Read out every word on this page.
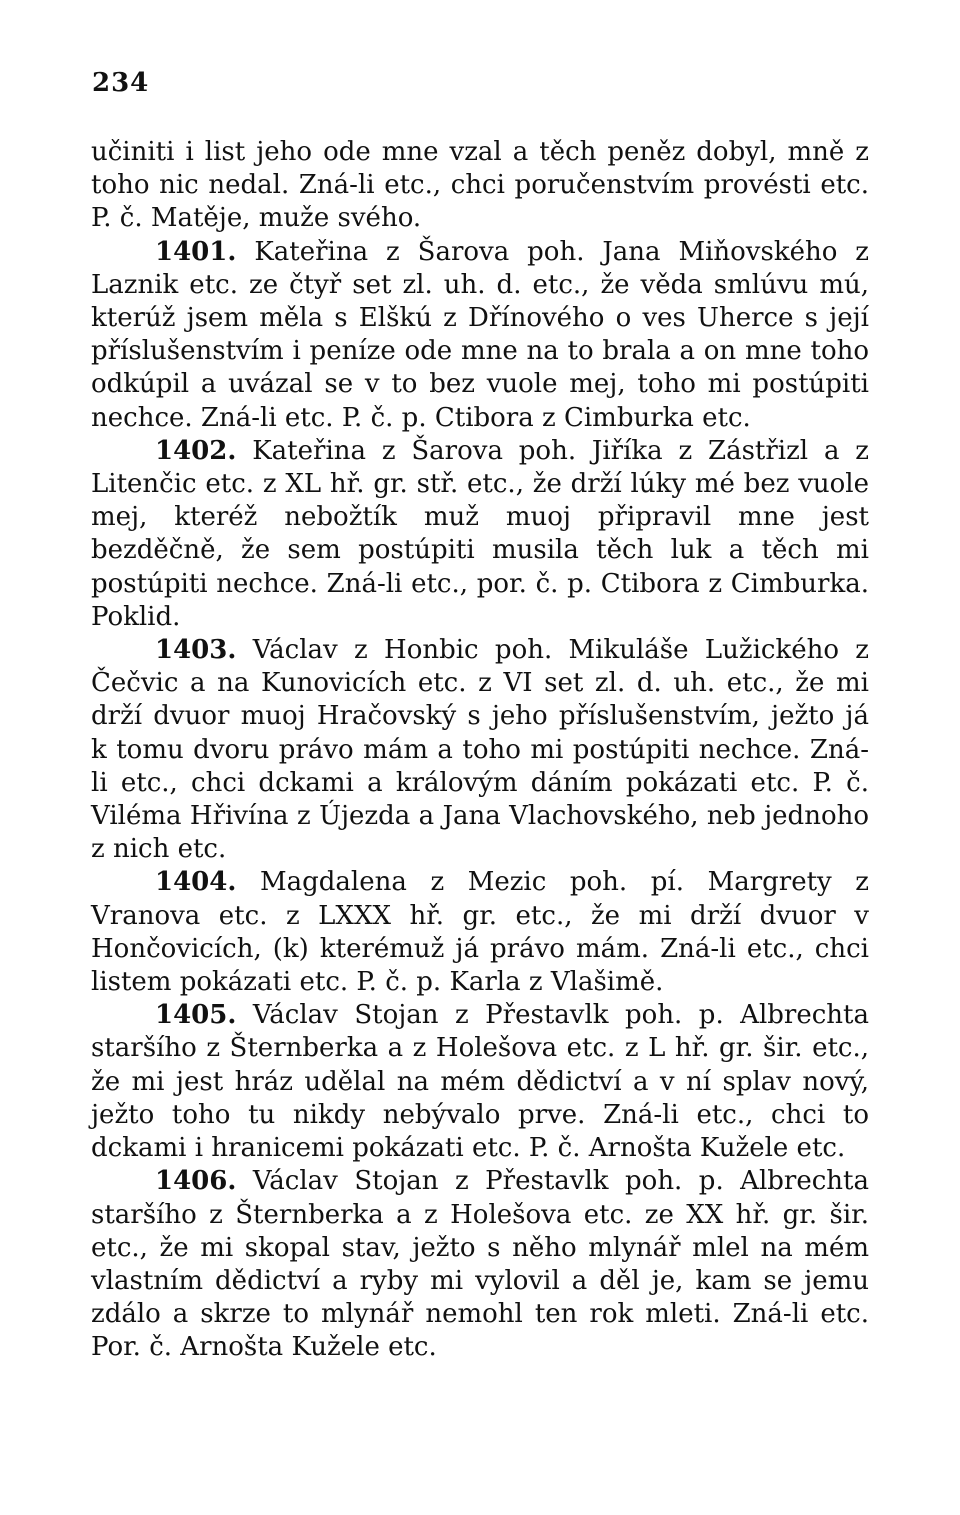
234

učiniti i list jeho ode mne vzal a těch peněz dobyl, mně z toho nic nedal. Zná-li etc., chci poručenstvím provésti etc. P. č. Matěje, muže svého.

1401. Kateřina z Šarova poh. Jana Miňovského z Laznik etc. ze čtyř set zl. uh. d. etc., že věda smlúvu mú, kterúž jsem měla s Elškú z Dřínového o ves Uherce s její příslušenstvím i peníze ode mne na to brala a on mne toho odkúpil a uvázal se v to bez vuole mej, toho mi postúpiti nechce. Zná-li etc. P. č. p. Ctibora z Cimburka etc.

1402. Kateřina z Šarova poh. Jiříka z Zástřizl a z Litenčic etc. z XL hř. gr. stř. etc., že drží lúky mé bez vuole mej, kteréž nebožtík muž muoj připravil mne jest bezděčně, že sem postúpiti musila těch luk a těch mi postúpiti nechce. Zná-li etc., por. č. p. Ctibora z Cimburka. Poklid.

1403. Václav z Honbic poh. Mikuláše Lužického z Čečvic a na Kunovicích etc. z VI set zl. d. uh. etc., že mi drží dvuor muoj Hračovský s jeho příslušenstvím, ježto já k tomu dvoru právo mám a toho mi postúpiti nechce. Zná-li etc., chci dckami a královým dáním pokázati etc. P. č. Viléma Hřivína z Újezda a Jana Vlachovského, neb jednoho z nich etc.

1404. Magdalena z Mezic poh. pí. Margrety z Vranova etc. z LXXX hř. gr. etc., že mi drží dvuor v Hončovicích, (k) kterémuž já právo mám. Zná-li etc., chci listem pokázati etc. P. č. p. Karla z Vlašimě.

1405. Václav Stojan z Přestavlk poh. p. Albrechta staršího z Šternberka a z Holešova etc. z L hř. gr. šir. etc., že mi jest hráz udělal na mém dědictví a v ní splav nový, ježto toho tu nikdy nebývalo prve. Zná-li etc., chci to dckami i hranicemi pokázati etc. P. č. Arnošta Kužele etc.

1406. Václav Stojan z Přestavlk poh. p. Albrechta staršího z Šternberka a z Holešova etc. ze XX hř. gr. šir. etc., že mi skopal stav, ježto s něho mlynář mlel na mém vlastním dědictví a ryby mi vylovil a děl je, kam se jemu zdálo a skrze to mlynář nemohl ten rok mleti. Zná-li etc. Por. č. Arnošta Kužele etc.
